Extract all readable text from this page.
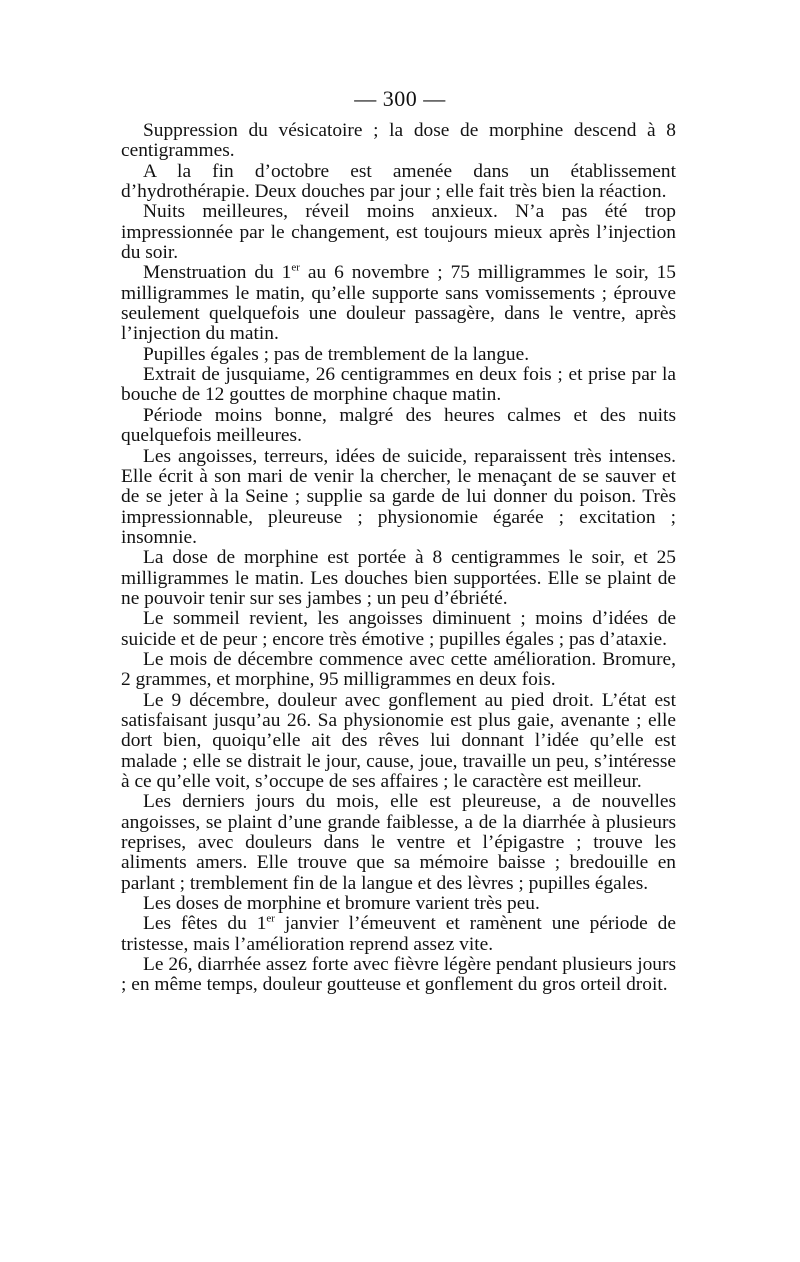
— 300 —

Suppression du vésicatoire ; la dose de morphine descend à 8 centigrammes.

A la fin d’octobre est amenée dans un établissement d’hydrothérapie. Deux douches par jour ; elle fait très bien la réaction.

Nuits meilleures, réveil moins anxieux. N’a pas été trop impressionnée par le changement, est toujours mieux après l’injection du soir.

Menstruation du 1er au 6 novembre ; 75 milligrammes le soir, 15 milligrammes le matin, qu’elle supporte sans vomissements ; éprouve seulement quelquefois une douleur passagère, dans le ventre, après l’injection du matin.

Pupilles égales ; pas de tremblement de la langue.

Extrait de jusquiame, 26 centigrammes en deux fois ; et prise par la bouche de 12 gouttes de morphine chaque matin.

Période moins bonne, malgré des heures calmes et des nuits quelquefois meilleures.

Les angoisses, terreurs, idées de suicide, reparaissent très intenses. Elle écrit à son mari de venir la chercher, le menaçant de se sauver et de se jeter à la Seine ; supplie sa garde de lui donner du poison. Très impressionnable, pleureuse ; physionomie égarée ; excitation ; insomnie.

La dose de morphine est portée à 8 centigrammes le soir, et 25 milligrammes le matin. Les douches bien supportées. Elle se plaint de ne pouvoir tenir sur ses jambes ; un peu d’ébriété.

Le sommeil revient, les angoisses diminuent ; moins d’idées de suicide et de peur ; encore très émotive ; pupilles égales ; pas d’ataxie.

Le mois de décembre commence avec cette amélioration. Bromure, 2 grammes, et morphine, 95 milligrammes en deux fois.

Le 9 décembre, douleur avec gonflement au pied droit. L’état est satisfaisant jusqu’au 26. Sa physionomie est plus gaie, avenante ; elle dort bien, quoiqu’elle ait des rêves lui donnant l’idée qu’elle est malade ; elle se distrait le jour, cause, joue, travaille un peu, s’intéresse à ce qu’elle voit, s’occupe de ses affaires ; le caractère est meilleur.

Les derniers jours du mois, elle est pleureuse, a de nouvelles angoisses, se plaint d’une grande faiblesse, a de la diarrhée à plusieurs reprises, avec douleurs dans le ventre et l’épigastre ; trouve les aliments amers. Elle trouve que sa mémoire baisse ; bredouille en parlant ; tremblement fin de la langue et des lèvres ; pupilles égales.

Les doses de morphine et bromure varient très peu.

Les fêtes du 1er janvier l’émeuvent et ramènent une période de tristesse, mais l’amélioration reprend assez vite.

Le 26, diarrhée assez forte avec fièvre légère pendant plusieurs jours ; en même temps, douleur goutteuse et gonflement du gros orteil droit.
